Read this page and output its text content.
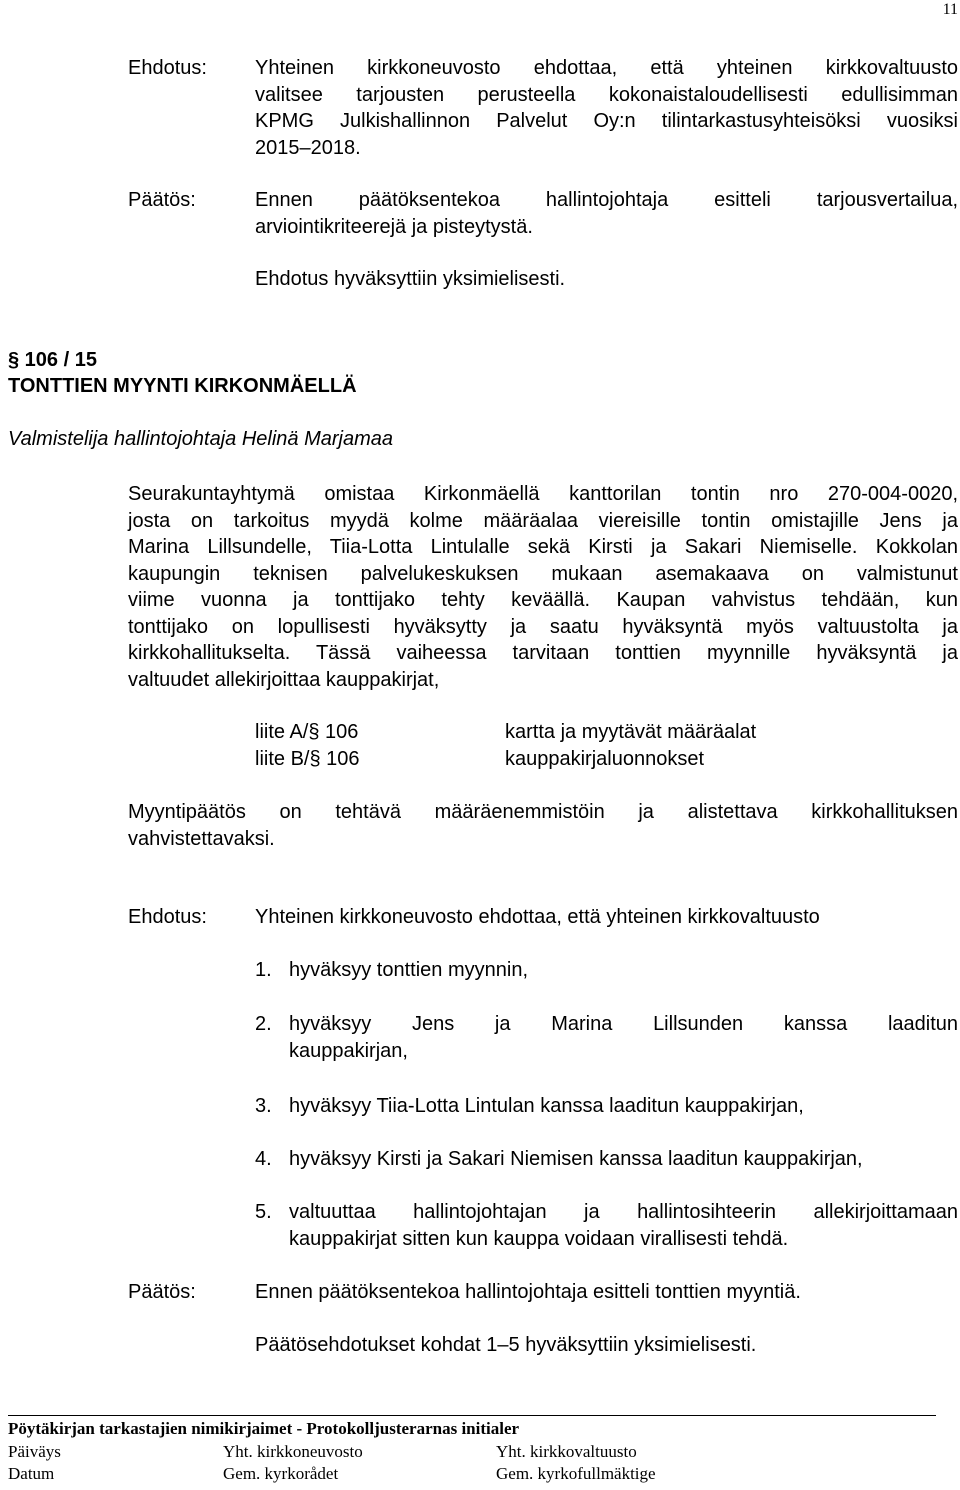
11
Ehdotus: Yhteinen kirkkoneuvosto ehdottaa, että yhteinen kirkkovaltuusto
valitsee tarjousten perusteella kokonaistaloudellisesti edullisimman
KPMG Julkishallinnon Palvelut Oy:n tilintarkastusyhteisöksi vuosiksi
2015–2018.
Päätös:	Ennen päätöksentekoa hallintojohtaja esitteli tarjousvertailua,
arviointikriteerejä ja pisteytystä.
Ehdotus hyväksyttiin yksimielisesti.
§ 106 / 15
TONTTIEN MYYNTI KIRKONMÄELLÄ
Valmistelija hallintojohtaja Helinä Marjamaa
Seurakuntayhtymä omistaa Kirkonmäellä kanttorilan tontin nro 270-004-0020,
josta on tarkoitus myydä kolme määräalaa viereisille tontin omistajille Jens ja
Marina Lillsundelle, Tiia-Lotta Lintulalle sekä Kirsti ja Sakari Niemiselle. Kokkolan
kaupungin teknisen palvelukeskuksen mukaan asemakaava on valmistunut
viime vuonna ja tonttijako tehty keväällä. Kaupan vahvistus tehdään, kun
tonttijako on lopullisesti hyväksytty ja saatu hyväksyntä myös valtuustolta ja
kirkkohallitukselta. Tässä vaiheessa tarvitaan tonttien myynnille hyväksyntä ja
valtuudet allekirjoittaa kauppakirjat,
liite A/§ 106	kartta ja myytävät määräalat
liite B/§ 106	kauppakirjaluonnokset
Myyntipäätös on tehtävä määräenemmistöin ja alistettava kirkkohallituksen
vahvistettavaksi.
Ehdotus: Yhteinen kirkkoneuvosto ehdottaa, että yhteinen kirkkovaltuusto
1. hyväksyy tonttien myynnin,
2. hyväksyy Jens ja Marina Lillsunden kanssa laaditun
kauppakirjan,
3. hyväksyy Tiia-Lotta Lintulan kanssa laaditun kauppakirjan,
4. hyväksyy Kirsti ja Sakari Niemisen kanssa laaditun kauppakirjan,
5. valtuuttaa hallintojohtajan ja hallintosihteerin allekirjoittamaan
kauppakirjat sitten kun kauppa voidaan virallisesti tehdä.
Päätös:	Ennen päätöksentekoa hallintojohtaja esitteli tonttien myyntiä.
Päätösehdotukset kohdat 1–5 hyväksyttiin yksimielisesti.
Pöytäkirjan tarkastajien nimikirjaimet - Protokolljusterarnas initialer
Päiväys	Yht. kirkkoneuvosto	Yht. kirkkovaltuusto
Datum	Gem. kyrkorådet	Gem. kyrkofullmäktige
